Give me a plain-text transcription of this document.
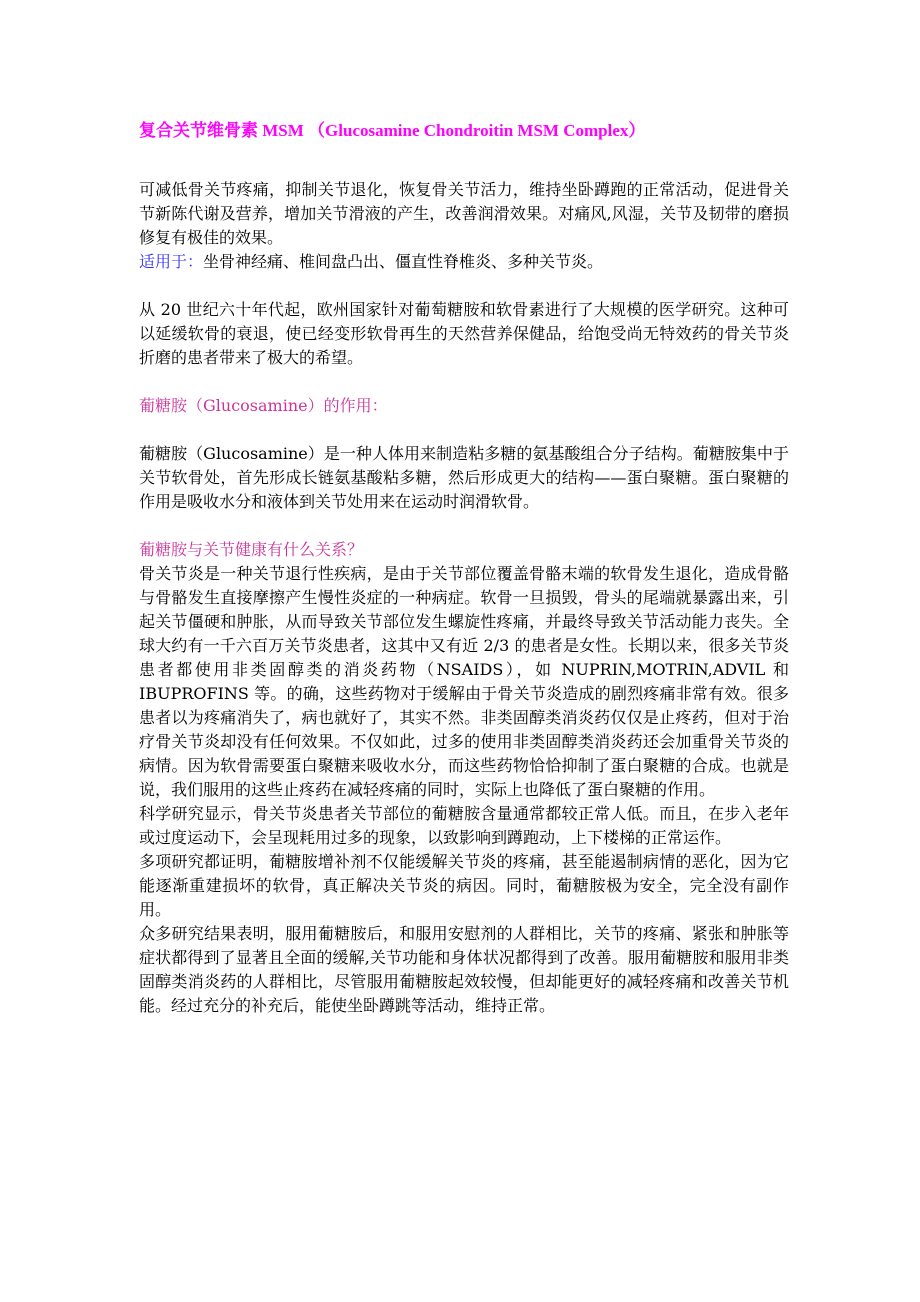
复合关节维骨素 MSM （Glucosamine Chondroitin MSM Complex）

可减低骨关节疼痛，抑制关节退化，恢复骨关节活力，维持坐卧蹲跑的正常活动，促进骨关节新陈代谢及营养，增加关节滑液的产生，改善润滑效果。对痛风,风湿，关节及韧带的磨损修复有极佳的效果。

适用于：坐骨神经痛、椎间盘凸出、僵直性脊椎炎、多种关节炎。

从 20 世纪六十年代起，欧州国家针对葡萄糖胺和软骨素进行了大规模的医学研究。这种可以延缓软骨的衰退，使已经变形软骨再生的天然营养保健品，给饱受尚无特效药的骨关节炎折磨的患者带来了极大的希望。

葡糖胺（Glucosamine）的作用：

葡糖胺（Glucosamine）是一种人体用来制造粘多糖的氨基酸组合分子结构。葡糖胺集中于关节软骨处，首先形成长链氨基酸粘多糖，然后形成更大的结构——蛋白聚糖。蛋白聚糖的作用是吸收水分和液体到关节处用来在运动时润滑软骨。

葡糖胺与关节健康有什么关系？

骨关节炎是一种关节退行性疾病，是由于关节部位覆盖骨骼末端的软骨发生退化，造成骨骼与骨骼发生直接摩擦产生慢性炎症的一种病症。软骨一旦损毁，骨头的尾端就暴露出来，引起关节僵硬和肿胀，从而导致关节部位发生螺旋性疼痛，并最终导致关节活动能力丧失。全球大约有一千六百万关节炎患者，这其中又有近 2/3 的患者是女性。长期以来，很多关节炎患者都使用非类固醇类的消炎药物（NSAIDS），如 NUPRIN,MOTRIN,ADVIL 和 IBUPROFINS 等。的确，这些药物对于缓解由于骨关节炎造成的剧烈疼痛非常有效。很多患者以为疼痛消失了，病也就好了，其实不然。非类固醇类消炎药仅仅是止疼药，但对于治疗骨关节炎却没有任何效果。不仅如此，过多的使用非类固醇类消炎药还会加重骨关节炎的病情。因为软骨需要蛋白聚糖来吸收水分，而这些药物恰恰抑制了蛋白聚糖的合成。也就是说，我们服用的这些止疼药在减轻疼痛的同时，实际上也降低了蛋白聚糖的作用。

科学研究显示，骨关节炎患者关节部位的葡糖胺含量通常都较正常人低。而且，在步入老年或过度运动下，会呈现耗用过多的现象，以致影响到蹲跑动，上下楼梯的正常运作。

多项研究都证明，葡糖胺增补剂不仅能缓解关节炎的疼痛，甚至能遏制病情的恶化，因为它能逐渐重建损坏的软骨，真正解决关节炎的病因。同时，葡糖胺极为安全，完全没有副作用。

众多研究结果表明，服用葡糖胺后，和服用安慰剂的人群相比，关节的疼痛、紧张和肿胀等症状都得到了显著且全面的缓解,关节功能和身体状况都得到了改善。服用葡糖胺和服用非类固醇类消炎药的人群相比，尽管服用葡糖胺起效较慢，但却能更好的减轻疼痛和改善关节机能。经过充分的补充后，能使坐卧蹲跳等活动，维持正常。
